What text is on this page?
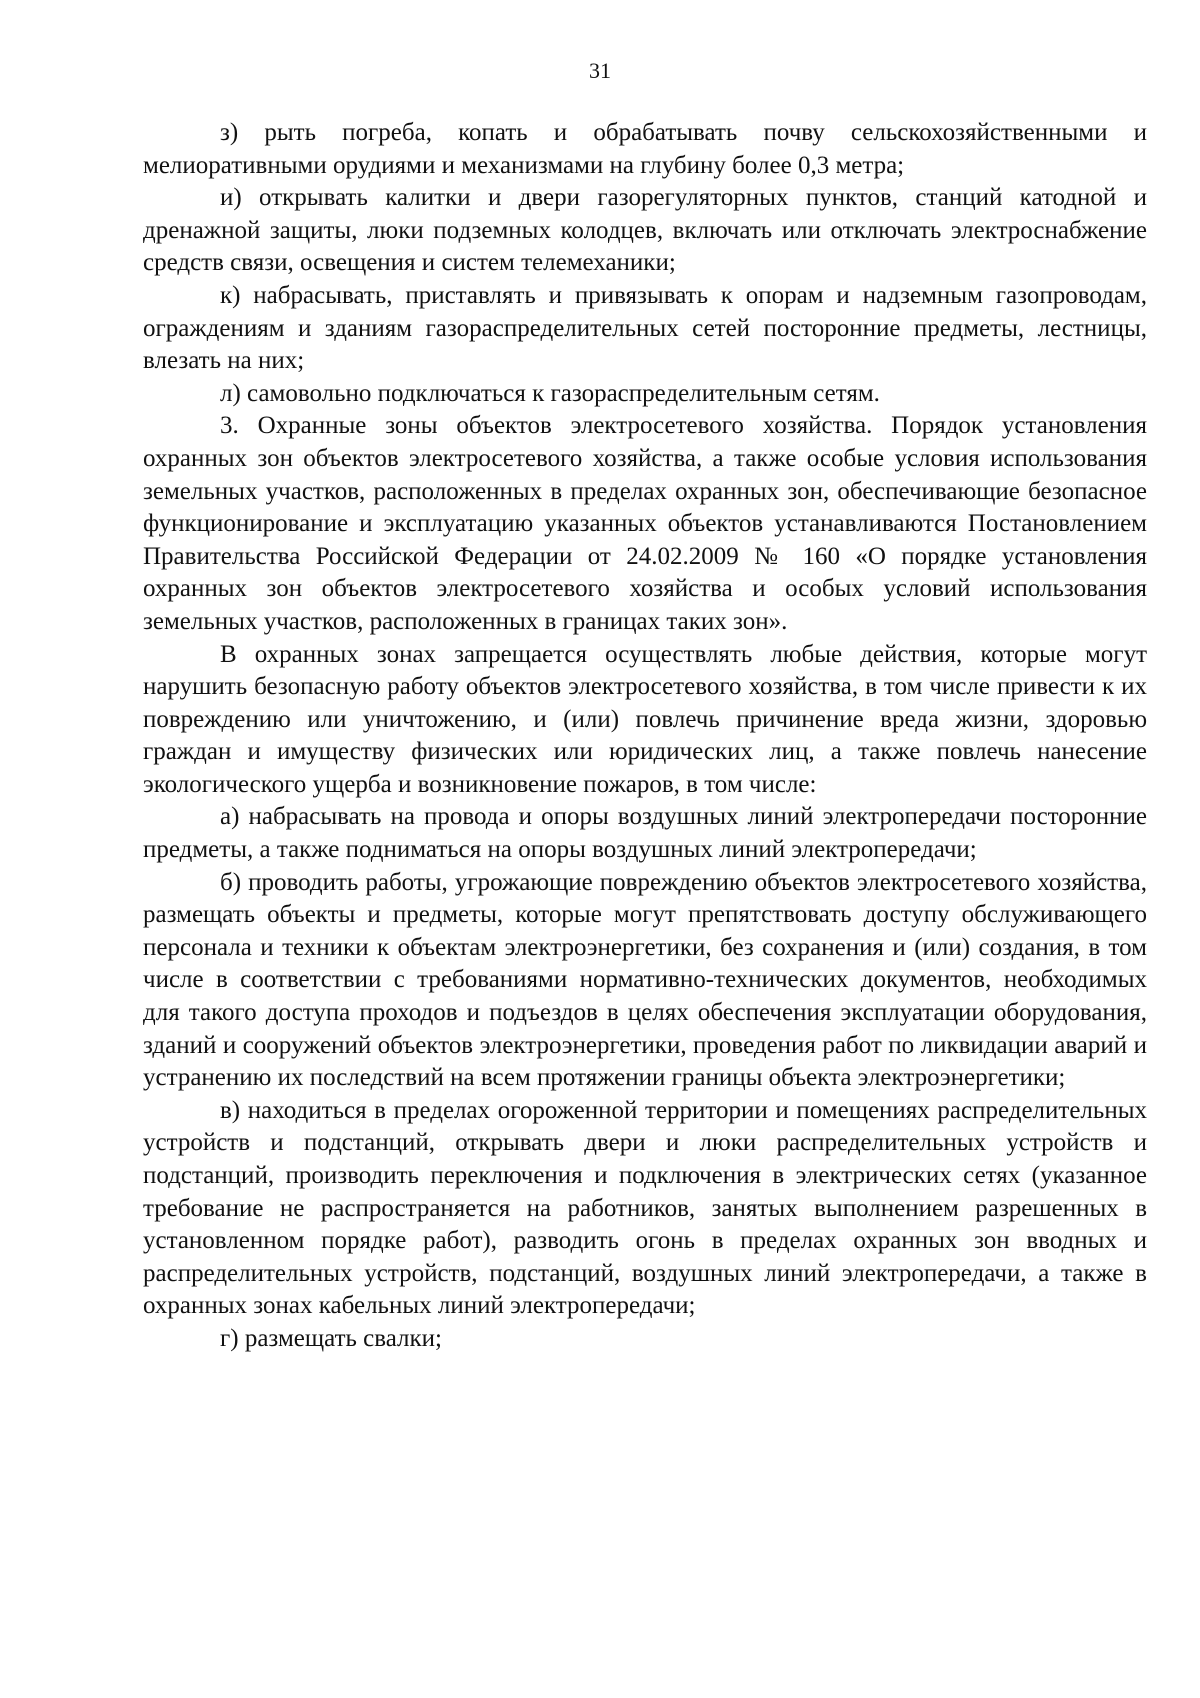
31

з) рыть погреба, копать и обрабатывать почву сельскохозяйственными и мелиоративными орудиями и механизмами на глубину более 0,3 метра;

и) открывать калитки и двери газорегуляторных пунктов, станций катодной и дренажной защиты, люки подземных колодцев, включать или отключать электроснабжение средств связи, освещения и систем телемеханики;

к) набрасывать, приставлять и привязывать к опорам и надземным газопроводам, ограждениям и зданиям газораспределительных сетей посторонние предметы, лестницы, влезать на них;

л) самовольно подключаться к газораспределительным сетям.

3. Охранные зоны объектов электросетевого хозяйства. Порядок установления охранных зон объектов электросетевого хозяйства, а также особые условия использования земельных участков, расположенных в пределах охранных зон, обеспечивающие безопасное функционирование и эксплуатацию указанных объектов устанавливаются Постановлением Правительства Российской Федерации от 24.02.2009 № 160 «О порядке установления охранных зон объектов электросетевого хозяйства и особых условий использования земельных участков, расположенных в границах таких зон».

В охранных зонах запрещается осуществлять любые действия, которые могут нарушить безопасную работу объектов электросетевого хозяйства, в том числе привести к их повреждению или уничтожению, и (или) повлечь причинение вреда жизни, здоровью граждан и имуществу физических или юридических лиц, а также повлечь нанесение экологического ущерба и возникновение пожаров, в том числе:

а) набрасывать на провода и опоры воздушных линий электропередачи посторонние предметы, а также подниматься на опоры воздушных линий электропередачи;

б) проводить работы, угрожающие повреждению объектов электросетевого хозяйства, размещать объекты и предметы, которые могут препятствовать доступу обслуживающего персонала и техники к объектам электроэнергетики, без сохранения и (или) создания, в том числе в соответствии с требованиями нормативно-технических документов, необходимых для такого доступа проходов и подъездов в целях обеспечения эксплуатации оборудования, зданий и сооружений объектов электроэнергетики, проведения работ по ликвидации аварий и устранению их последствий на всем протяжении границы объекта электроэнергетики;

в) находиться в пределах огороженной территории и помещениях распределительных устройств и подстанций, открывать двери и люки распределительных устройств и подстанций, производить переключения и подключения в электрических сетях (указанное требование не распространяется на работников, занятых выполнением разрешенных в установленном порядке работ), разводить огонь в пределах охранных зон вводных и распределительных устройств, подстанций, воздушных линий электропередачи, а также в охранных зонах кабельных линий электропередачи;

г) размещать свалки;
